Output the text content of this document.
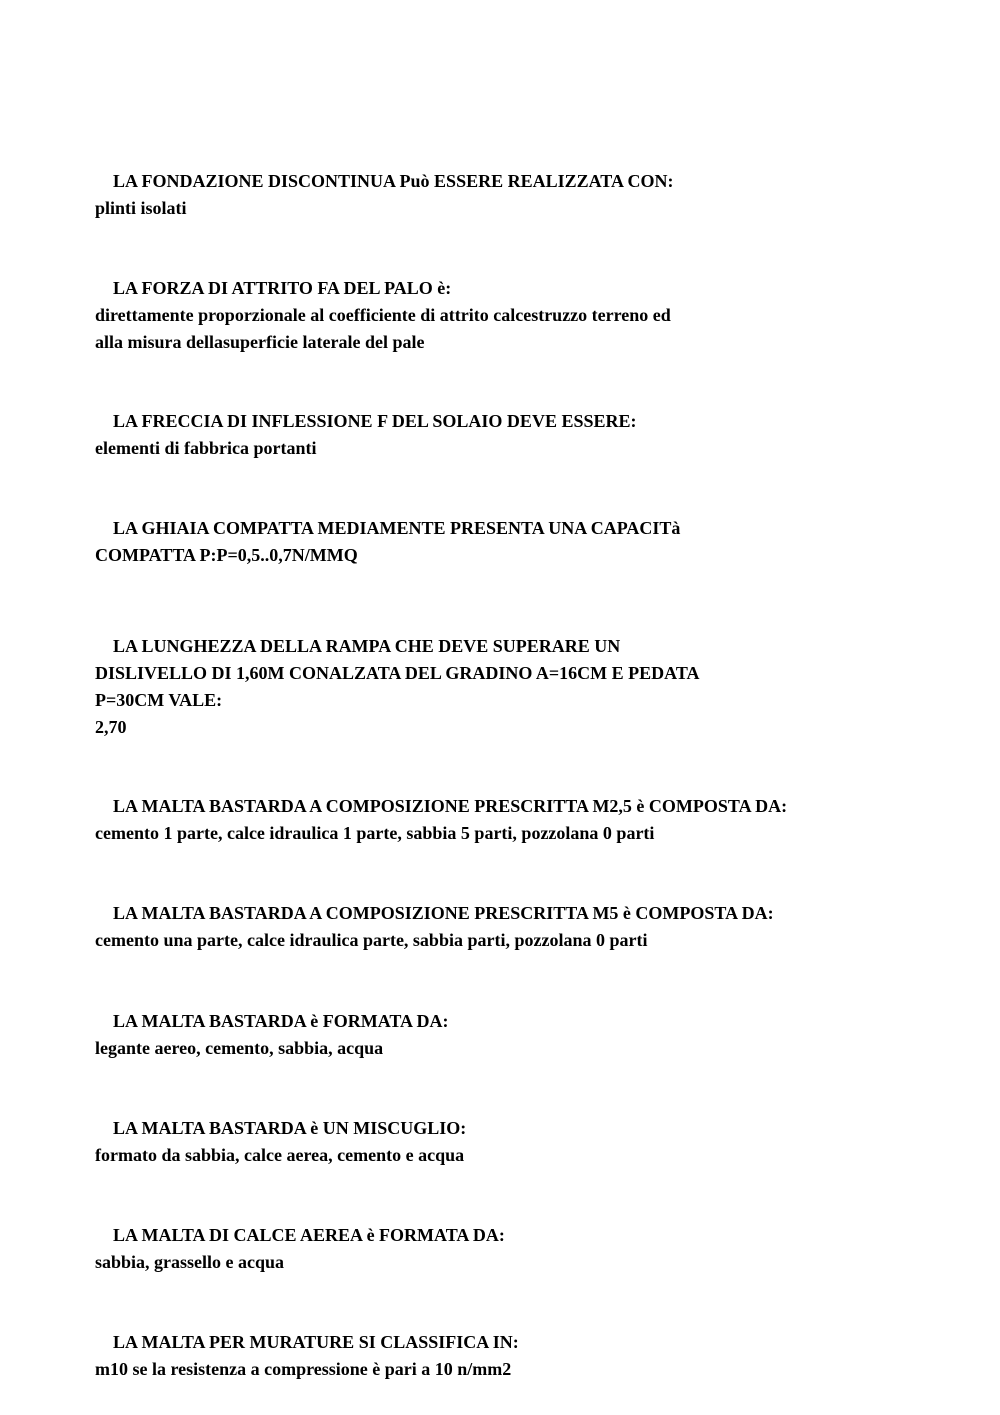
LA FONDAZIONE DISCONTINUA Può ESSERE REALIZZATA CON:

plinti isolati

LA FORZA DI ATTRITO FA DEL PALO è:

direttamente proporzionale al coefficiente di attrito calcestruzzo terreno ed
alla misura dellasuperficie laterale del pale

LA FRECCIA DI INFLESSIONE F DEL SOLAIO DEVE ESSERE:

elementi di fabbrica portanti

LA GHIAIA COMPATTA MEDIAMENTE PRESENTA UNA CAPACITà
COMPATTA P:P=0,5..0,7N/MMQ

LA LUNGHEZZA DELLA RAMPA CHE DEVE SUPERARE UN
DISLIVELLO DI 1,60M CONALZATA DEL GRADINO A=16CM E PEDATA
P=30CM VALE:

2,70

LA MALTA BASTARDA A COMPOSIZIONE PRESCRITTA M2,5 è COMPOSTA DA:

cemento 1 parte, calce idraulica 1 parte, sabbia 5 parti, pozzolana 0 parti

LA MALTA BASTARDA A COMPOSIZIONE PRESCRITTA M5 è COMPOSTA DA:

cemento una parte, calce idraulica parte, sabbia parti, pozzolana 0 parti

LA MALTA BASTARDA è FORMATA DA:

legante aereo, cemento, sabbia, acqua

LA MALTA BASTARDA è UN MISCUGLIO:

formato da sabbia, calce aerea, cemento e acqua

LA MALTA DI CALCE AEREA è FORMATA DA:

sabbia, grassello e acqua

LA MALTA PER MURATURE SI CLASSIFICA IN:

m10 se la resistenza a compressione è pari a 10 n/mm2
